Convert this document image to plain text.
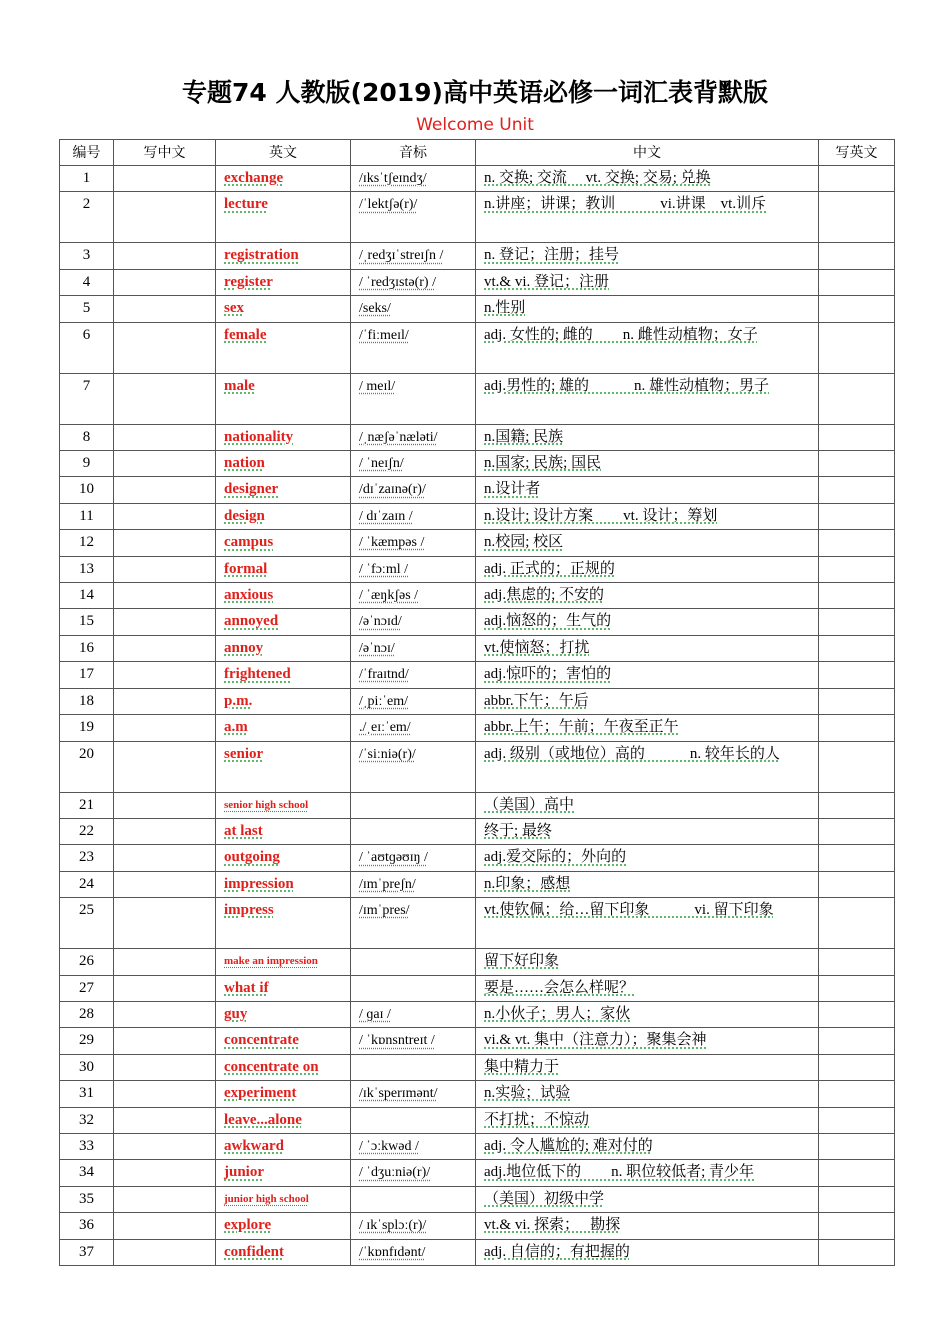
专题74 人教版(2019)高中英语必修一词汇表背默版
Welcome Unit
编号	写中文	英文	音标	中文	写英文
1		exchange	/ɪksˈtʃeɪndʒ/	n. 交换; 交流　 vt. 交换; 交易; 兑换	
2		lecture	/ˈlektʃə(r)/	n.讲座；讲课；教训　　　vi.讲课　vt.训斥	
3		registration	/ˌredʒɪˈstreɪʃn /	n. 登记；注册；挂号	
4		register	/ ˈredʒɪstə(r) /	vt.& vi. 登记；注册	
5		sex	/seks/	n.性别	
6		female	/ˈfiːmeɪl/	adj. 女性的; 雌的　　n. 雌性动植物；女子	
7		male	/ meɪl/	adj.男性的; 雄的　　　n. 雄性动植物；男子	
8		nationality	/ˌnæʃəˈnæləti/	n.国籍; 民族	
9		nation	/ ˈneɪʃn/	n.国家; 民族; 国民	
10		designer	/dɪˈzaɪnə(r)/	n.设计者	
11		design	/ dɪˈzaɪn /	n.设计; 设计方案　　vt. 设计；筹划	
12		campus	/ ˈkæmpəs /	n.校园; 校区	
13		formal	/ ˈfɔːml /	adj. 正式的；正规的	
14		anxious	/ ˈæŋkʃəs /	adj.焦虑的; 不安的	
15		annoyed	/əˈnɔɪd/	adj.恼怒的；生气的	
16		annoy	/əˈnɔɪ/	vt.使恼怒；打扰	
17		frightened	/ˈfraɪtnd/	adj.惊吓的；害怕的	
18		p.m.	/ˌpiːˈem/	abbr.下午；午后	
19		a.m	./ˌeɪːˈem/	abbr.上午；午前；午夜至正午	
20		senior	/ˈsiːniə(r)/	adj. 级别（或地位）高的　　　n. 较年长的人	
21		senior high school		（美国）高中	
22		at last		终于; 最终	
23		outgoing	/ ˈaʊtɡəʊɪŋ /	adj.爱交际的；外向的	
24		impression	/ɪmˈpreʃn/	n.印象；感想	
25		impress	/ɪmˈpres/	vt.使钦佩；给…留下印象　　　vi. 留下印象	
26		make an impression		留下好印象	
27		what if		要是……会怎么样呢？	
28		guy	/ ɡaɪ /	n.小伙子；男人；家伙	
29		concentrate	/ ˈkɒnsntreɪt /	vi.& vt. 集中（注意力）；聚集会神	
30		concentrate on		集中精力于	
31		experiment	/ɪkˈsperɪmənt/	n.实验；试验	
32		leave...alone		不打扰；不惊动	
33		awkward	/ ˈɔːkwəd /	adj. 令人尴尬的; 难对付的	
34		junior	/ ˈdʒuːniə(r)/	adj.地位低下的　　n. 职位较低者; 青少年	
35		junior high school		（美国）初级中学	
36		explore	/ ɪkˈsplɔː(r)/	vt.& vi. 探索；　 勘探	
37		confident	/ˈkɒnfɪdənt/	adj. 自信的；有把握的	
